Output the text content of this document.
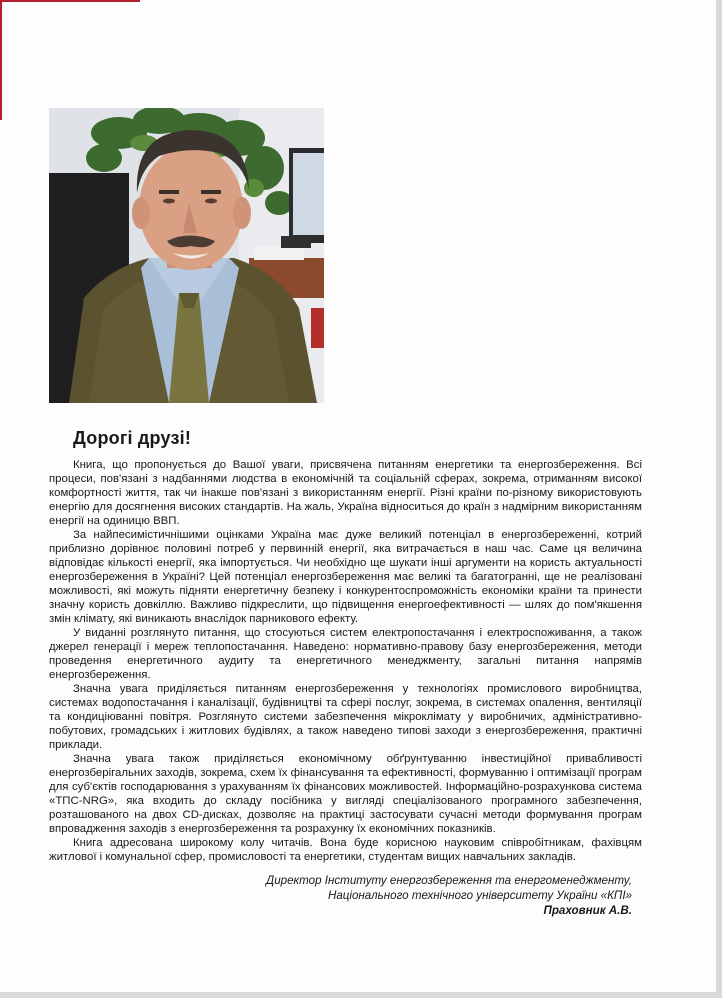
Дорогі друзі!

Книга, що пропонується до Вашої уваги, присвячена питанням енергетики та енергозбереження. Всі процеси, пов'язані з надбаннями людства в економічній та соціальній сферах, зокрема, отриманням високої комфортності життя, так чи інакше пов'язані з використанням енергії. Різні країни по-різному використовують енергію для досягнення високих стандартів. На жаль, Україна відноситься до країн з надмірним використанням енергії на одиницю ВВП.

За найпесимістичнішими оцінками Україна має дуже великий потенціал в енергозбереженні, котрий приблизно дорівнює половині потреб у первинній енергії, яка витрачається в наш час. Саме ця величина відповідає кількості енергії, яка імпортується. Чи необхідно ще шукати інші аргументи на користь актуальності енергозбереження в Україні? Цей потенціал енергозбереження має великі та багатогранні, ще не реалізовані можливості, які можуть підняти енергетичну безпеку і конкурентоспроможність економіки країни та принести значну користь довкіллю. Важливо підкреслити, що підвищення енергоефективності — шлях до пом'якшення змін клімату, які виникають внаслідок парникового ефекту.

У виданні розглянуто питання, що стосуються систем електропостачання і електроспоживання, а також джерел генерації і мереж теплопостачання. Наведено: нормативно-правову базу енергозбереження, методи проведення енергетичного аудиту та енергетичного менеджменту, загальні питання напрямів енергозбереження.

Значна увага приділяється питанням енергозбереження у технологіях промислового виробництва, системах водопостачання і каналізації, будівництві та сфері послуг, зокрема, в системах опалення, вентиляції та кондиціюванні повітря. Розглянуто системи забезпечення мікроклімату у виробничих, адміністративно-побутових, громадських і житлових будівлях, а також наведено типові заходи з енергозбереження, практичні приклади.

Значна увага також приділяється економічному обґрунтуванню інвестиційної привабливості енергозберігальних заходів, зокрема, схем їх фінансування та ефективності, формуванню і оптимізації програм для суб'єктів господарювання з урахуванням їх фінансових можливостей. Інформаційно-розрахункова система «ТПС-NRG», яка входить до складу посібника у вигляді спеціалізованого програмного забезпечення, розташованого на двох CD-дисках, дозволяє на практиці застосувати сучасні методи формування програм впровадження заходів з енергозбереження та розрахунку їх економічних показників.

Книга адресована широкому колу читачів. Вона буде корисною науковим співробітникам, фахівцям житлової і комунальної сфер, промисловості та енергетики, студентам вищих навчальних закладів.

Директор Інституту енергозбереження та енергоменеджменту,
Національного технічного університету України «КПІ»
Праховник А.В.
